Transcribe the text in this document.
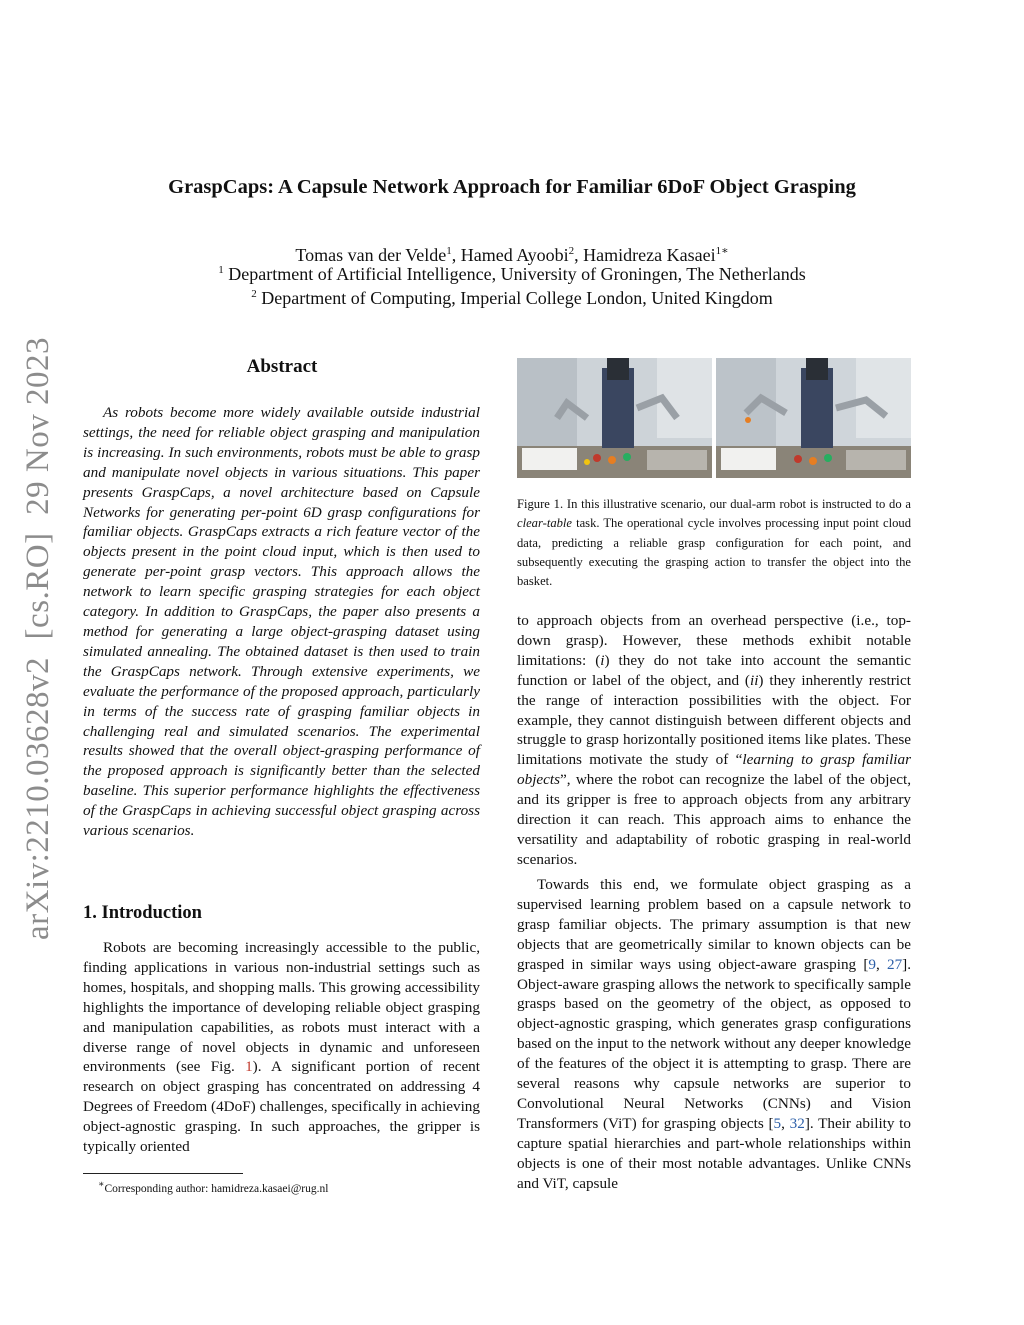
GraspCaps: A Capsule Network Approach for Familiar 6DoF Object Grasping
Tomas van der Velde$^1$, Hamed Ayoobi$^2$, Hamidreza Kasaei$^{1∗}$
$^1$ Department of Artificial Intelligence, University of Groningen, The Netherlands
$^2$ Department of Computing, Imperial College London, United Kingdom
arXiv:2210.03628v2  [cs.RO]  29 Nov 2023	Abstract
As robots become more widely available outside industrial settings, the need for reliable object grasping and manipulation is increasing. In such environments, robots must be able to grasp and manipulate novel objects in various situations. This paper presents GraspCaps, a novel architecture based on Capsule Networks for generating per-point 6D grasp configurations for familiar objects. GraspCaps extracts a rich feature vector of the objects present in the point cloud input, which is then used to generate per-point grasp vectors. This approach allows the network to learn specific grasping strategies for each object category. In addition to GraspCaps, the paper also presents a method for generating a large object-grasping dataset using simulated annealing. The obtained dataset is then used to train the GraspCaps network. Through extensive experiments, we evaluate the performance of the proposed approach, particularly in terms of the success rate of grasping familiar objects in challenging real and simulated scenarios. The experimental results showed that the overall object-grasping performance of the proposed approach is significantly better than the selected baseline. This superior performance highlights the effectiveness of the GraspCaps in achieving successful object grasping across various scenarios.
1. Introduction
Robots are becoming increasingly accessible to the public, finding applications in various non-industrial settings such as homes, hospitals, and shopping malls. This growing accessibility highlights the importance of developing reliable object grasping and manipulation capabilities, as robots must interact with a diverse range of novel objects in dynamic and unforeseen environments (see Fig. 1). A significant portion of recent research on object grasping has concentrated on addressing 4 Degrees of Freedom (4DoF) challenges, specifically in achieving object-agnostic grasping. In such approaches, the gripper is typically oriented
∗Corresponding author: hamidreza.kasaei@rug.nl
Figure 1. In this illustrative scenario, our dual-arm robot is instructed to do a clear-table task. The operational cycle involves processing input point cloud data, predicting a reliable grasp configuration for each point, and subsequently executing the grasping action to transfer the object into the basket.
to approach objects from an overhead perspective (i.e., top-down grasp). However, these methods exhibit notable limitations: (i) they do not take into account the semantic function or label of the object, and (ii) they inherently restrict the range of interaction possibilities with the object. For example, they cannot distinguish between different objects and struggle to grasp horizontally positioned items like plates. These limitations motivate the study of “learning to grasp familiar objects”, where the robot can recognize the label of the object, and its gripper is free to approach objects from any arbitrary direction it can reach. This approach aims to enhance the versatility and adaptability of robotic grasping in real-world scenarios.
Towards this end, we formulate object grasping as a supervised learning problem based on a capsule network to grasp familiar objects. The primary assumption is that new objects that are geometrically similar to known objects can be grasped in similar ways using object-aware grasping [9, 27]. Object-aware grasping allows the network to specifically sample grasps based on the geometry of the object, as opposed to object-agnostic grasping, which generates grasp configurations based on the input to the network without any deeper knowledge of the features of the object it is attempting to grasp. There are several reasons why capsule networks are superior to Convolutional Neural Networks (CNNs) and Vision Transformers (ViT) for grasping objects [5, 32]. Their ability to capture spatial hierarchies and part-whole relationships within objects is one of their most notable advantages. Unlike CNNs and ViT, capsule
